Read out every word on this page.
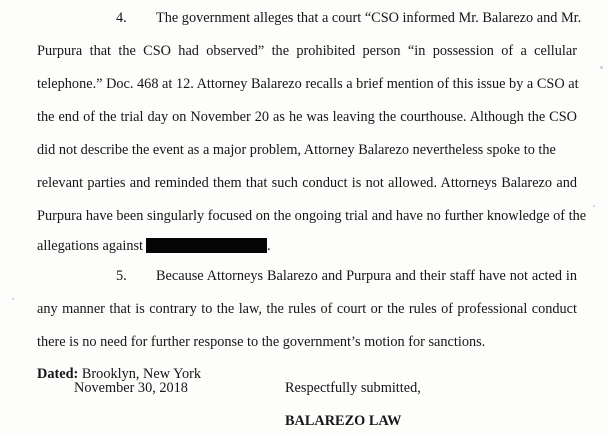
4. The government alleges that a court “CSO informed Mr. Balarezo and Mr.
Purpura that the CSO had observed” the prohibited person “in possession of a cellular
telephone.” Doc. 468 at 12. Attorney Balarezo recalls a brief mention of this issue by a CSO at
the end of the trial day on November 20 as he was leaving the courthouse. Although the CSO
did not describe the event as a major problem, Attorney Balarezo nevertheless spoke to the
relevant parties and reminded them that such conduct is not allowed. Attorneys Balarezo and
Purpura have been singularly focused on the ongoing trial and have no further knowledge of the
allegations against	.
5. Because Attorneys Balarezo and Purpura and their staff have not acted in
any manner that is contrary to the law, the rules of court or the rules of professional conduct
there is no need for further response to the government’s motion for sanctions.
Dated: Brooklyn, New York
November 30, 2018	Respectfully submitted,
BALAREZO LAW
